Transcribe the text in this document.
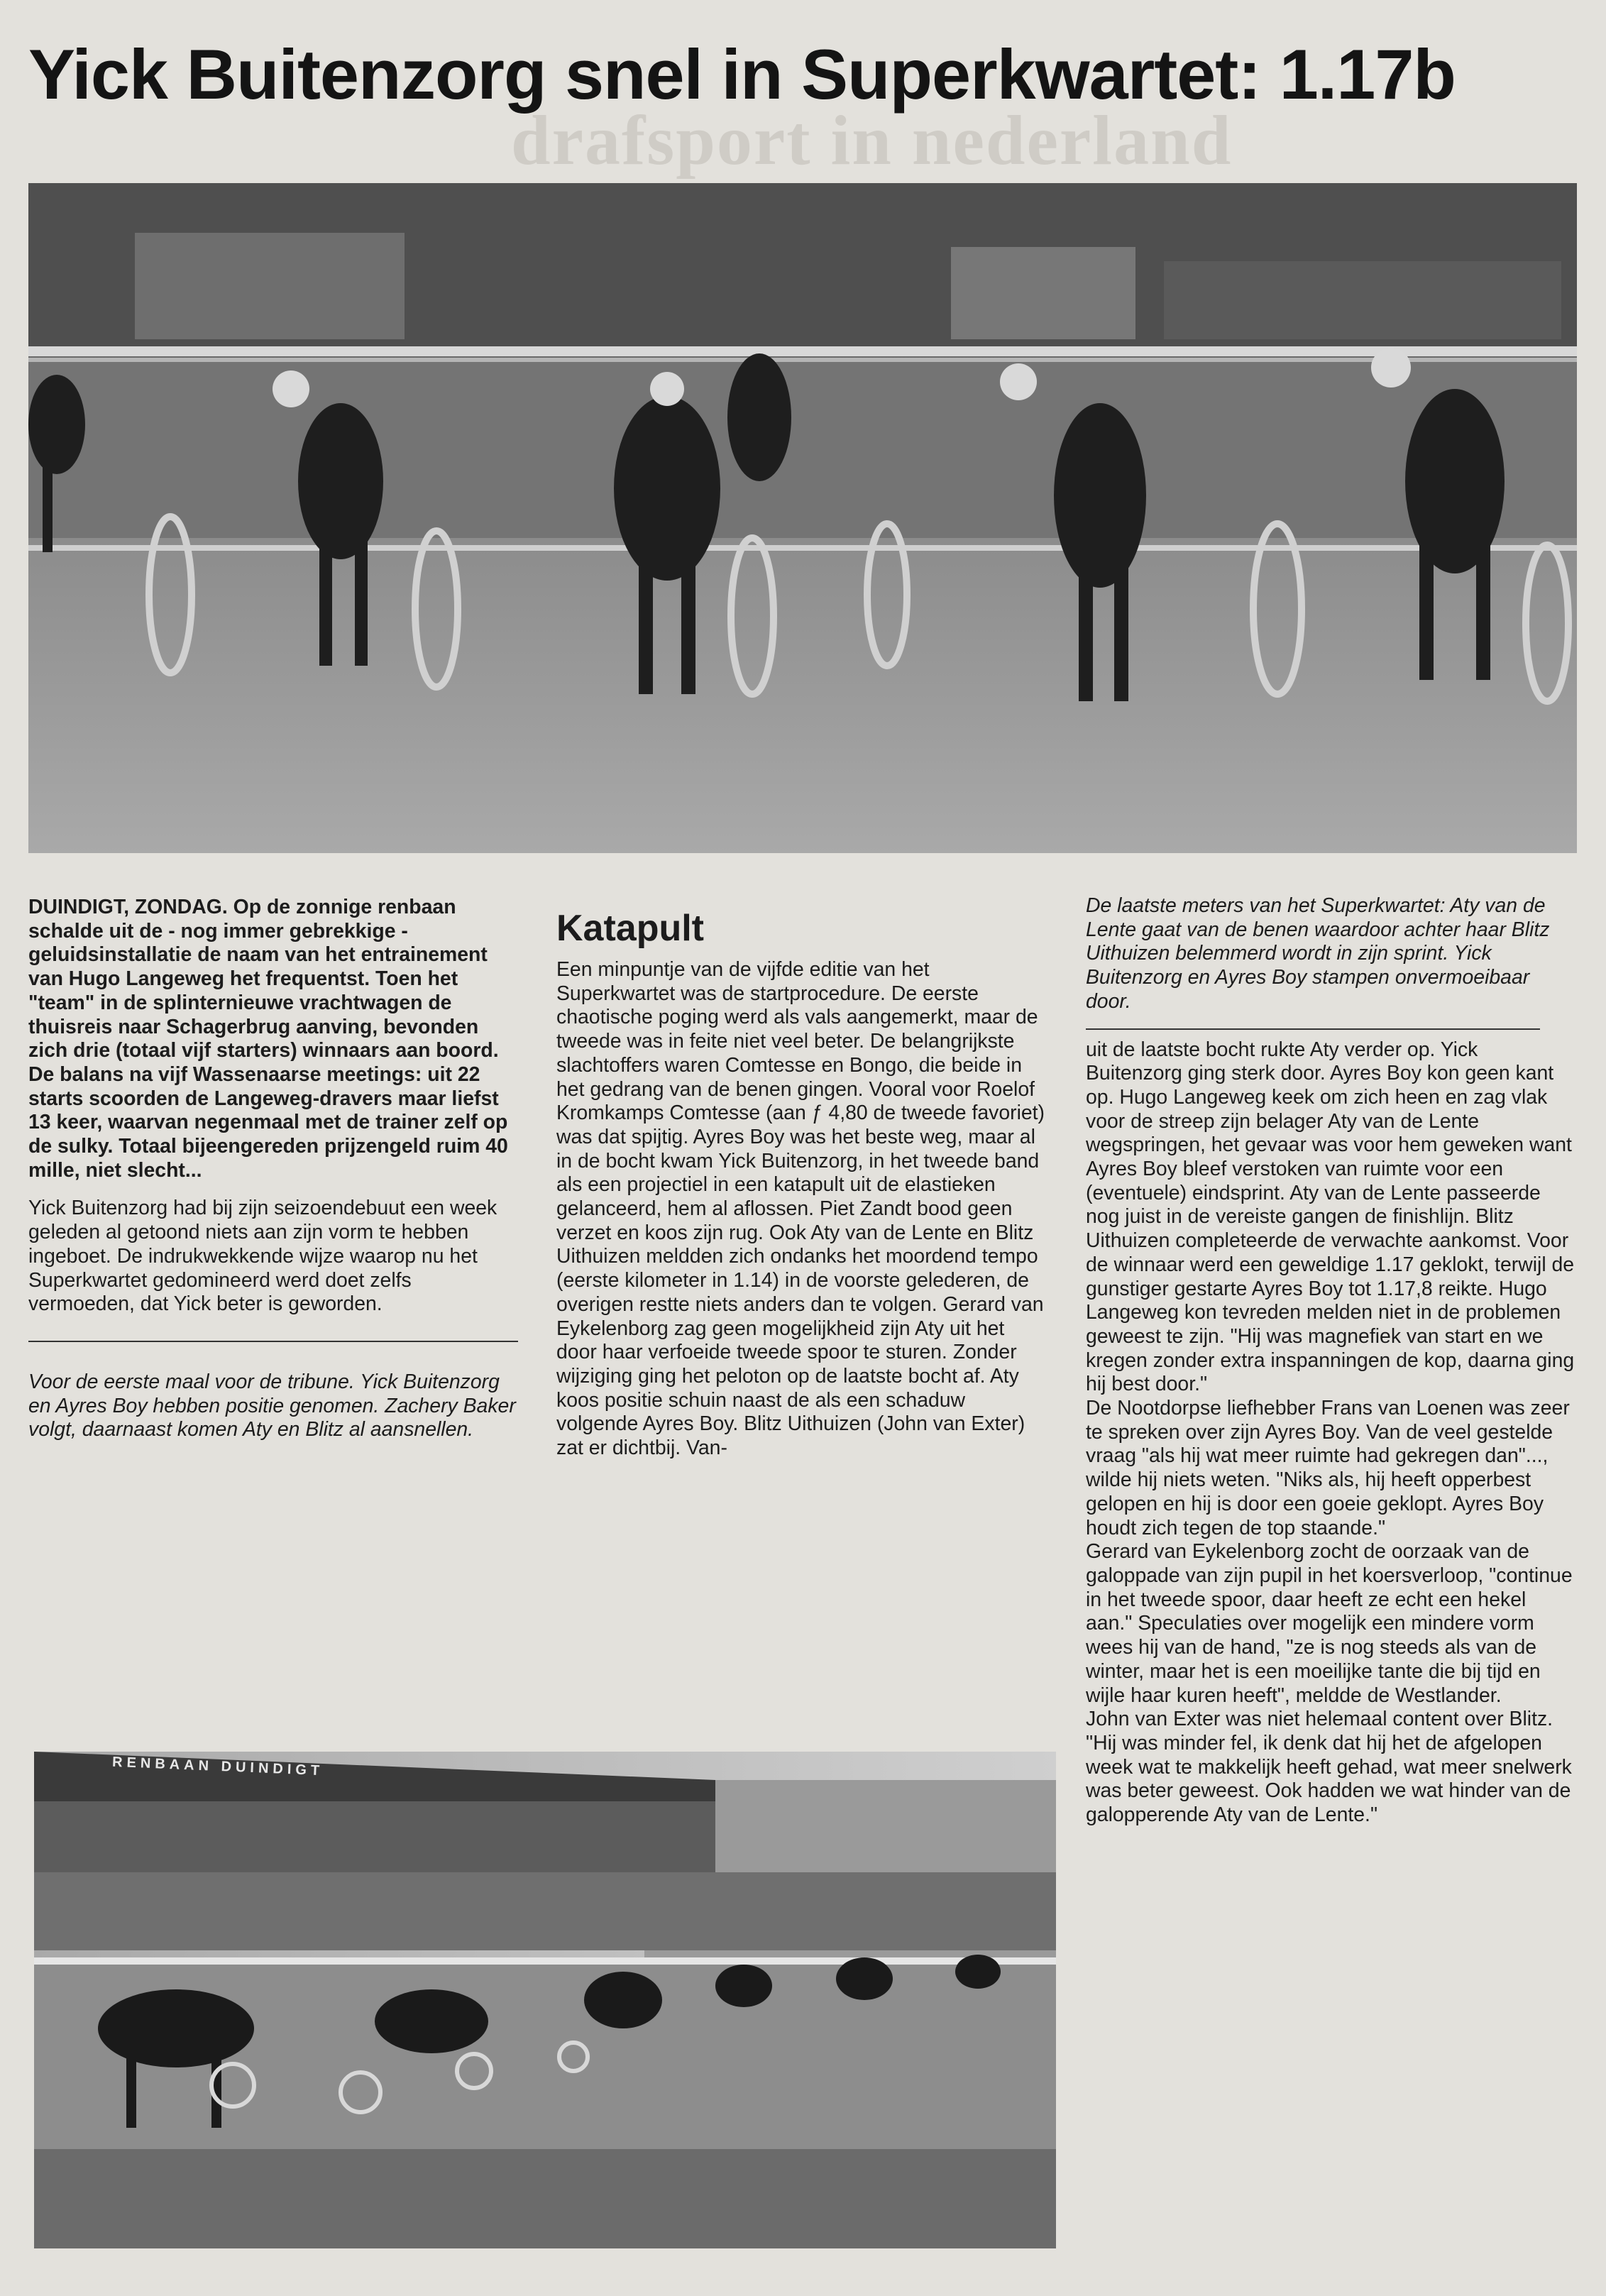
drafsport in nederland
Yick Buitenzorg snel in Superkwartet: 1.17b

DUINDIGT, ZONDAG. Op de zonnige renbaan schalde uit de - nog immer gebrekkige - geluidsinstallatie de naam van het entrainement van Hugo Langeweg het frequentst. Toen het "team" in de splinternieuwe vrachtwagen de thuisreis naar Schagerbrug aanving, bevonden zich drie (totaal vijf starters) winnaars aan boord. De balans na vijf Wassenaarse meetings: uit 22 starts scoorden de Langeweg-dravers maar liefst 13 keer, waarvan negenmaal met de trainer zelf op de sulky. Totaal bijeengereden prijzengeld ruim 40 mille, niet slecht...

Yick Buitenzorg had bij zijn seizoendebuut een week geleden al getoond niets aan zijn vorm te hebben ingeboet. De indrukwekkende wijze waarop nu het Superkwartet gedomineerd werd doet zelfs vermoeden, dat Yick beter is geworden.

Voor de eerste maal voor de tribune. Yick Buitenzorg en Ayres Boy hebben positie genomen. Zachery Baker volgt, daarnaast komen Aty en Blitz al aansnellen.

Katapult

Een minpuntje van de vijfde editie van het Superkwartet was de startprocedure. De eerste chaotische poging werd als vals aangemerkt, maar de tweede was in feite niet veel beter. De belangrijkste slachtoffers waren Comtesse en Bongo, die beide in het gedrang van de benen gingen. Vooral voor Roelof Kromkamps Comtesse (aan ƒ 4,80 de tweede favoriet) was dat spijtig. Ayres Boy was het beste weg, maar al in de bocht kwam Yick Buitenzorg, in het tweede band als een projectiel in een katapult uit de elastieken gelanceerd, hem al aflossen. Piet Zandt bood geen verzet en koos zijn rug. Ook Aty van de Lente en Blitz Uithuizen meldden zich ondanks het moordend tempo (eerste kilometer in 1.14) in de voorste gelederen, de overigen restte niets anders dan te volgen. Gerard van Eykelenborg zag geen mogelijkheid zijn Aty uit het door haar verfoeide tweede spoor te sturen. Zonder wijziging ging het peloton op de laatste bocht af. Aty koos positie schuin naast de als een schaduw volgende Ayres Boy. Blitz Uithuizen (John van Exter) zat er dichtbij. Van-

De laatste meters van het Superkwartet: Aty van de Lente gaat van de benen waardoor achter haar Blitz Uithuizen belemmerd wordt in zijn sprint. Yick Buitenzorg en Ayres Boy stampen onvermoeibaar door.

uit de laatste bocht rukte Aty verder op. Yick Buitenzorg ging sterk door. Ayres Boy kon geen kant op. Hugo Langeweg keek om zich heen en zag vlak voor de streep zijn belager Aty van de Lente wegspringen, het gevaar was voor hem geweken want Ayres Boy bleef verstoken van ruimte voor een (eventuele) eindsprint. Aty van de Lente passeerde nog juist in de vereiste gangen de finishlijn. Blitz Uithuizen completeerde de verwachte aankomst. Voor de winnaar werd een geweldige 1.17 geklokt, terwijl de gunstiger gestarte Ayres Boy tot 1.17,8 reikte. Hugo Langeweg kon tevreden melden niet in de problemen geweest te zijn. "Hij was magnefiek van start en we kregen zonder extra inspanningen de kop, daarna ging hij best door."

De Nootdorpse liefhebber Frans van Loenen was zeer te spreken over zijn Ayres Boy. Van de veel gestelde vraag "als hij wat meer ruimte had gekregen dan"..., wilde hij niets weten. "Niks als, hij heeft opperbest gelopen en hij is door een goeie geklopt. Ayres Boy houdt zich tegen de top staande."

Gerard van Eykelenborg zocht de oorzaak van de galoppade van zijn pupil in het koersverloop, "continue in het tweede spoor, daar heeft ze echt een hekel aan." Speculaties over mogelijk een mindere vorm wees hij van de hand, "ze is nog steeds als van de winter, maar het is een moeilijke tante die bij tijd en wijle haar kuren heeft", meldde de Westlander.

John van Exter was niet helemaal content over Blitz. "Hij was minder fel, ik denk dat hij het de afgelopen week wat te makkelijk heeft gehad, wat meer snelwerk was beter geweest. Ook hadden we wat hinder van de galopperende Aty van de Lente."

RENBAAN DUINDIGT
